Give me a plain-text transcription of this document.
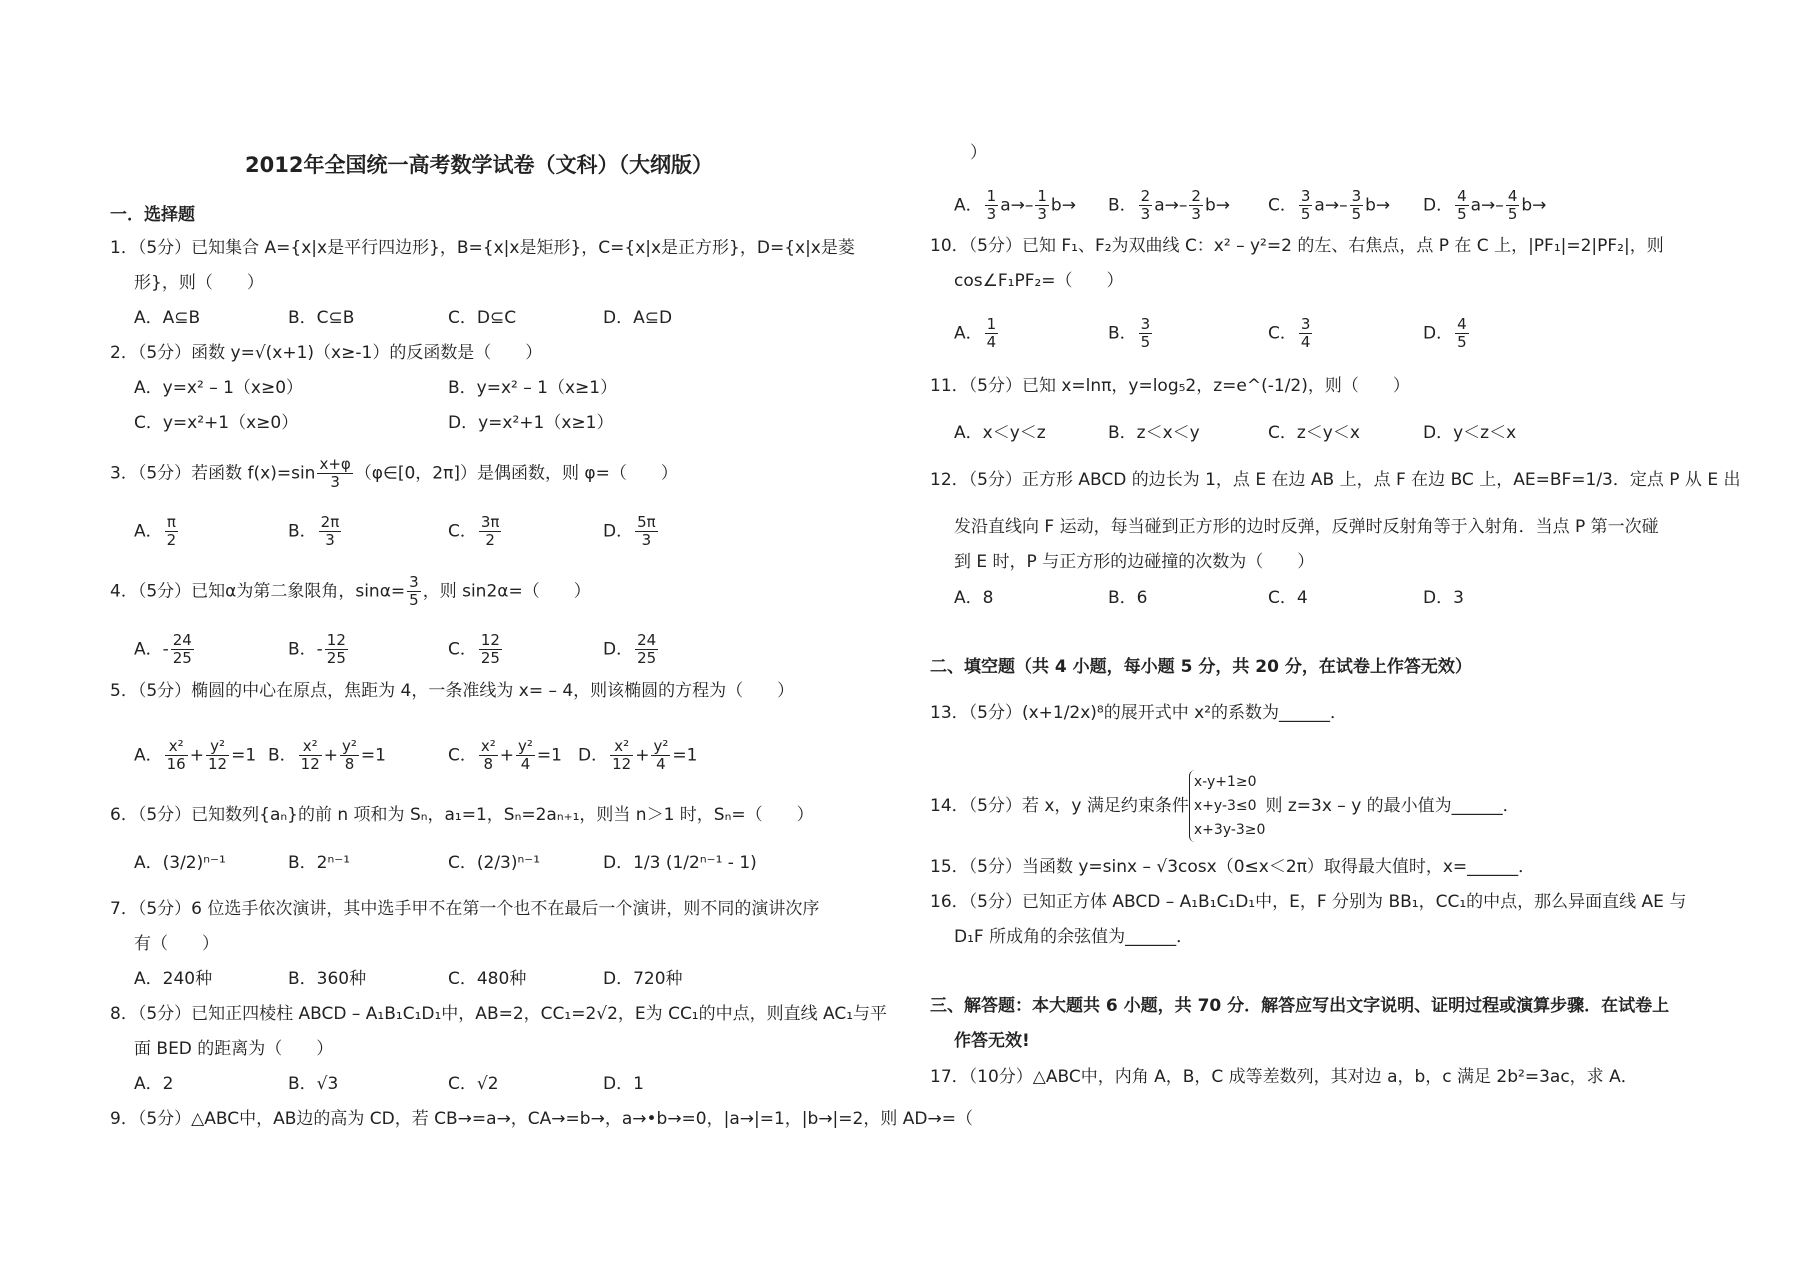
2012年全国统一高考数学试卷（文科）（大纲版）
一．选择题
1．（5分）已知集合 A={x|x是平行四边形}，B={x|x是矩形}，C={x|x是正方形}，D={x|x是菱
形}，则（　　）
A．A⊆B	B．C⊆B	C．D⊆C	D．A⊆D
2．（5分）函数 y=√(x+1)（x≥-1）的反函数是（　　）
A．y=x² – 1（x≥0）	B．y=x² – 1（x≥1）
C．y=x²+1（x≥0）	D．y=x²+1（x≥1）
3．（5分）若函数 $f(x)=\sin \frac{x+\varphi}{3}$ （φ∈[0，2π]）是偶函数，则 φ=（　　）
A． $\frac{\pi}{2}$	B． $\frac{2\pi}{3}$	C． $\frac{3\pi}{2}$	D． $\frac{5\pi}{3}$
4．（5分）已知α为第二象限角，$\sin\alpha= \frac{3}{5}$ ，则 sin2α=（　　）
A．- $\frac{24}{25}$	B．- $\frac{12}{25}$	C． $\frac{12}{25}$	D． $\frac{24}{25}$
5．（5分）椭圆的中心在原点，焦距为 4，一条准线为 x= – 4，则该椭圆的方程为（　　）
A． $\frac{\text{x²}}{16} + \frac{\text{y²}}{12} =1$ B． $\frac{\text{x²}}{12} + \frac{\text{y²}}{8} =1$	C． $\frac{\text{x²}}{8} + \frac{\text{y²}}{4} =1$ D． $\frac{\text{x²}}{12} + \frac{\text{y²}}{4} =1$
6．（5分）已知数列{aₙ}的前 n 项和为 Sₙ，a₁=1，Sₙ=2aₙ₊₁，则当 n＞1 时，Sₙ=（　　）
A．(3/2)ⁿ⁻¹	B．2ⁿ⁻¹	C．(2/3)ⁿ⁻¹	D．1/3 (1/2ⁿ⁻¹ - 1)
7．（5分）6 位选手依次演讲，其中选手甲不在第一个也不在最后一个演讲，则不同的演讲次序
有（　　）
A．240种	B．360种	C．480种	D．720种
8．（5分）已知正四棱柱 ABCD – A₁B₁C₁D₁中，AB=2，CC₁=2√2，E为 CC₁的中点，则直线 AC₁与平
面 BED 的距离为（　　）
A．2	B．√3	C．√2	D．1
9．（5分）△ABC中，AB边的高为 CD，若 CB→=a→，CA→=b→，a→•b→=0，|a→|=1，|b→|=2，则 AD→=（
）
A． $\frac{1}{3} a\to- \frac{1}{3} b\to B$． $\frac{2}{3} a\to- \frac{2}{3} b\to C$． $\frac{3}{5} a\to- \frac{3}{5} b\to D$． $\frac{4}{5} a\to- \frac{4}{5} b\to$
10．（5分）已知 F₁、F₂为双曲线 C：x² – y²=2 的左、右焦点，点 P 在 C 上，|PF₁|=2|PF₂|，则
cos∠F₁PF₂=（　　）
A． $\frac{1}{4}$	B． $\frac{3}{5}$	C． $\frac{3}{4}$	D． $\frac{4}{5}$
11．（5分）已知 x=lnπ，y=log₅2，z=e^(-1/2)，则（　　）
A．x＜y＜z	B．z＜x＜y	C．z＜y＜x	D．y＜z＜x
12．（5分）正方形 ABCD 的边长为 1，点 E 在边 AB 上，点 F 在边 BC 上，AE=BF=1/3．定点 P 从 E 出
发沿直线向 F 运动，每当碰到正方形的边时反弹，反弹时反射角等于入射角．当点 P 第一次碰
到 E 时，P 与正方形的边碰撞的次数为（　　）
A．8	B．6	C．4	D．3
二、填空题（共 4 小题，每小题 5 分，共 20 分，在试卷上作答无效）
13．（5分）(x+1/2x)⁸的展开式中 x²的系数为______．
14．（5分）若 x，y 满足约束条件
x-y+1≥0
x+y-3≤0
x+3y-3≥0
则 z=3x – y 的最小值为______．
15．（5分）当函数 y=sinx – √3cosx（0≤x＜2π）取得最大值时，x=______．
16．（5分）已知正方体 ABCD – A₁B₁C₁D₁中，E，F 分别为 BB₁，CC₁的中点，那么异面直线 AE 与
D₁F 所成角的余弦值为______．
三、解答题：本大题共 6 小题，共 70 分．解答应写出文字说明、证明过程或演算步骤．在试卷上
作答无效!
17．（10分）△ABC中，内角 A，B，C 成等差数列，其对边 a，b，c 满足 2b²=3ac，求 A．
